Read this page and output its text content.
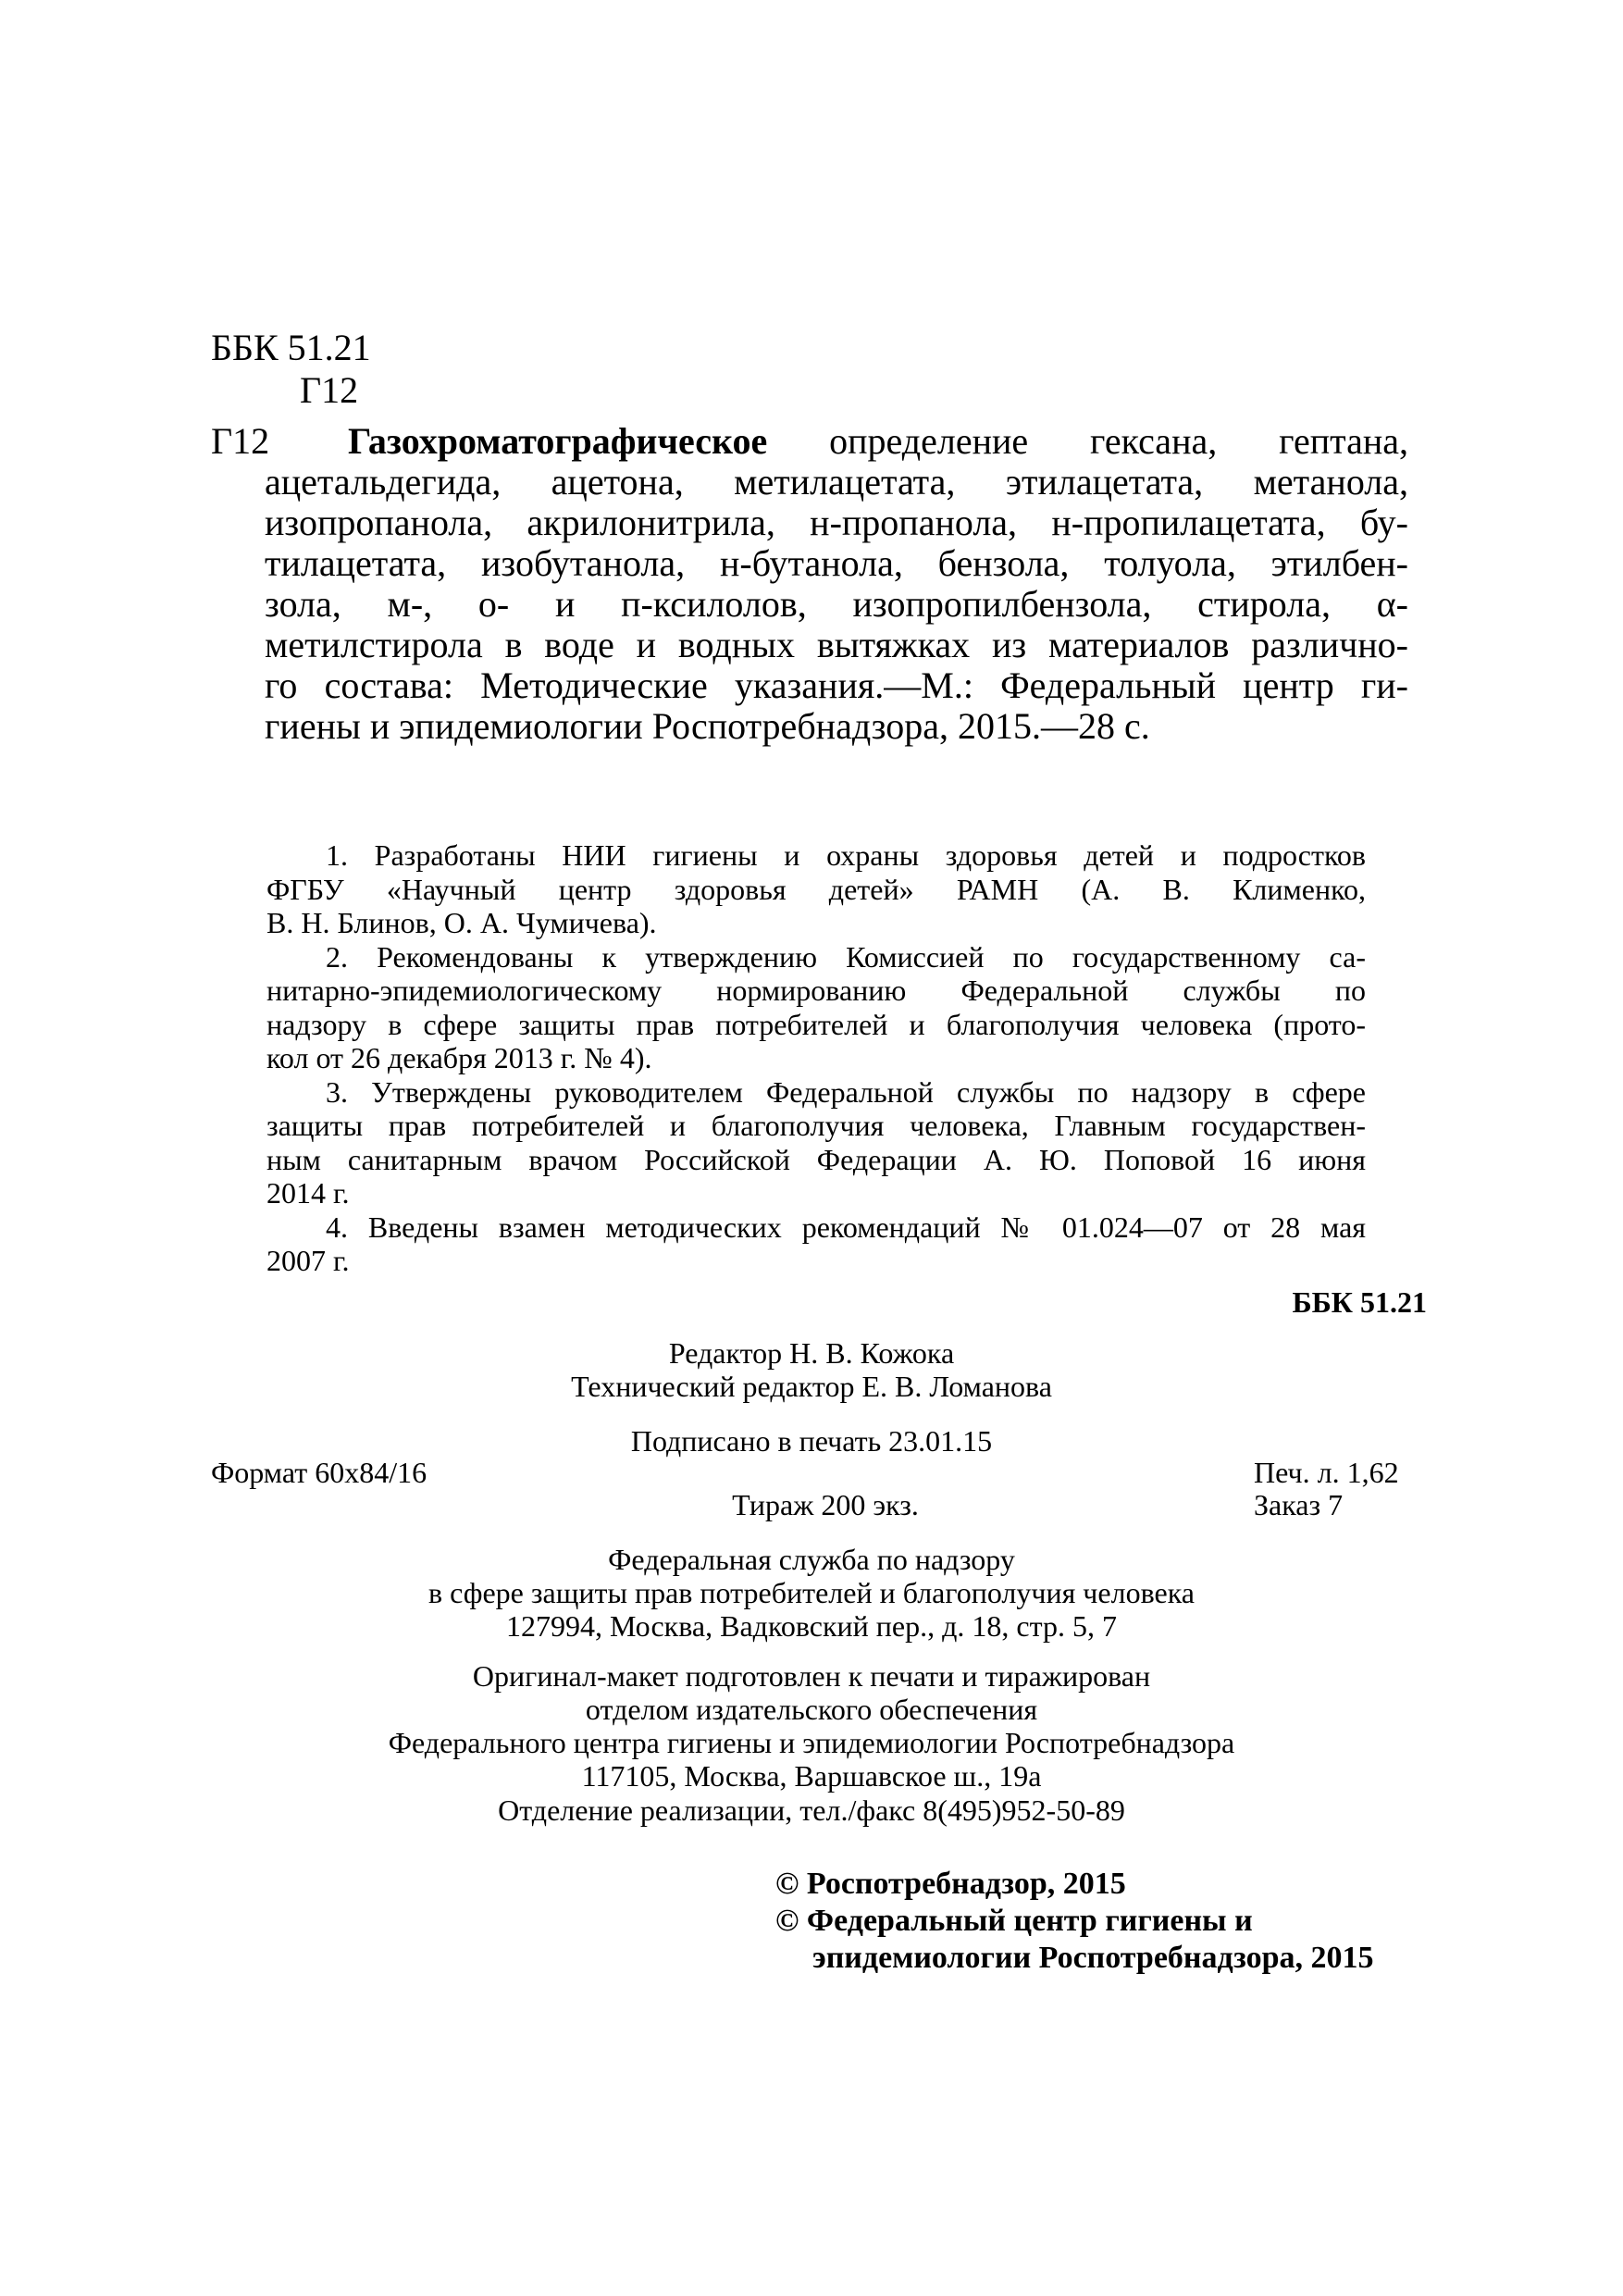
ББК 51.21
Г12
Г12	Газохроматографическое определение гексана, гептана,
ацетальдегида, ацетона, метилацетата, этилацетата, метанола,
изопропанола, акрилонитрила, н-пропанола, н-пропилацетата, бу-
тилацетата, изобутанола, н-бутанола, бензола, толуола, этилбен-
зола, м-, о- и п-ксилолов, изопропилбензола, стирола, α-
метилстирола в воде и водных вытяжках из материалов различно-
го состава: Методические указания.—М.: Федеральный центр ги-
гиены и эпидемиологии Роспотребнадзора, 2015.—28 с.
1. Разработаны НИИ гигиены и охраны здоровья детей и подростков
ФГБУ «Научный центр здоровья детей» РАМН (А. В. Клименко,
В. Н. Блинов, О. А. Чумичева).
2. Рекомендованы к утверждению Комиссией по государственному са-
нитарно-эпидемиологическому нормированию Федеральной службы по
надзору в сфере защиты прав потребителей и благополучия человека (прото-
кол от 26 декабря 2013 г. № 4).
3. Утверждены руководителем Федеральной службы по надзору в сфере
защиты прав потребителей и благополучия человека, Главным государствен-
ным санитарным врачом Российской Федерации А. Ю. Поповой 16 июня
2014 г.
4. Введены взамен методических рекомендаций № 01.024—07 от 28 мая
2007 г.
ББК 51.21
Редактор Н. В. Кожока
Технический редактор Е. В. Ломанова
Подписано в печать 23.01.15
Формат 60x84/16	Печ. л. 1,62
Тираж 200 экз.	Заказ 7
Федеральная служба по надзору
в сфере защиты прав потребителей и благополучия человека
127994, Москва, Вадковский пер., д. 18, стр. 5, 7
Оригинал-макет подготовлен к печати и тиражирован
отделом издательского обеспечения
Федерального центра гигиены и эпидемиологии Роспотребнадзора
117105, Москва, Варшавское ш., 19а
Отделение реализации, тел./факс 8(495)952-50-89
© Роспотребнадзор, 2015
© Федеральный центр гигиены и
эпидемиологии Роспотребнадзора, 2015
